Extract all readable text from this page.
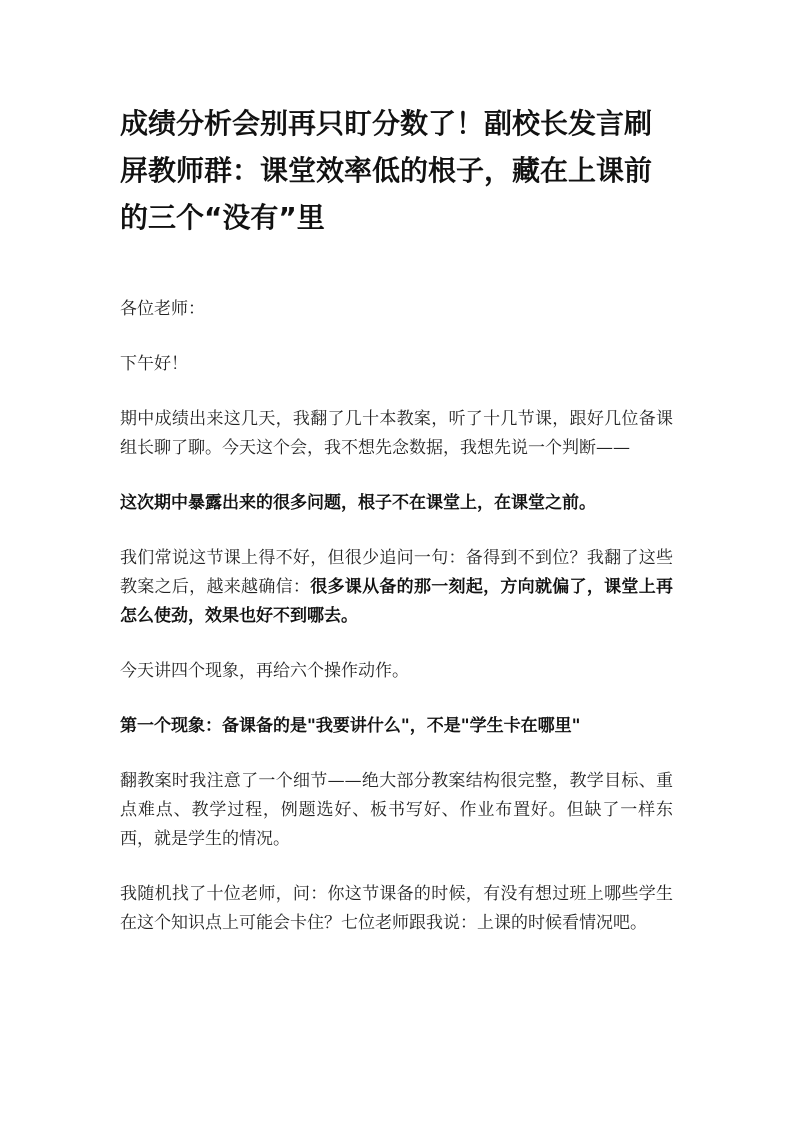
成绩分析会别再只盯分数了！副校长发言刷屏教师群：课堂效率低的根子，藏在上课前的三个“没有”里

各位老师：

下午好！

期中成绩出来这几天，我翻了几十本教案，听了十几节课，跟好几位备课组长聊了聊。今天这个会，我不想先念数据，我想先说一个判断——

这次期中暴露出来的很多问题，根子不在课堂上，在课堂之前。

我们常说这节课上得不好，但很少追问一句：备得到不到位？我翻了这些教案之后，越来越确信：很多课从备的那一刻起，方向就偏了，课堂上再怎么使劲，效果也好不到哪去。

今天讲四个现象，再给六个操作动作。

第一个现象：备课备的是"我要讲什么"，不是"学生卡在哪里"

翻教案时我注意了一个细节——绝大部分教案结构很完整，教学目标、重点难点、教学过程，例题选好、板书写好、作业布置好。但缺了一样东西，就是学生的情况。

我随机找了十位老师，问：你这节课备的时候，有没有想过班上哪些学生在这个知识点上可能会卡住？七位老师跟我说：上课的时候看情况吧。
